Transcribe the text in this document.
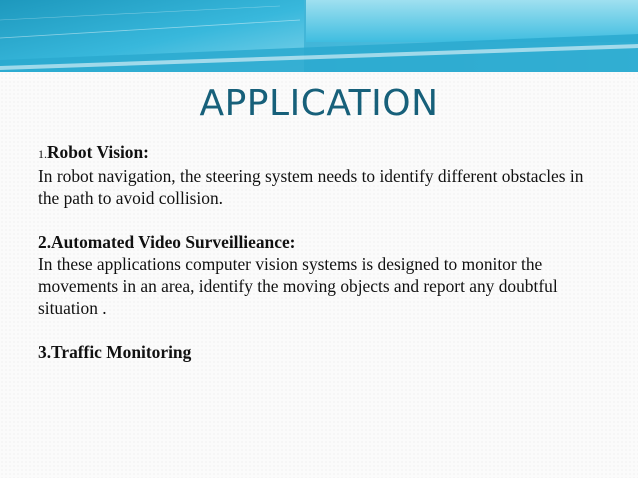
APPLICATION

1.Robot Vision:
In robot navigation, the steering system needs to identify different obstacles in the path to avoid collision.

2.Automated Video Surveillieance:
In these applications computer vision systems is designed to monitor the movements in an area, identify the moving objects and report any doubtful situation .

3.Traffic Monitoring
